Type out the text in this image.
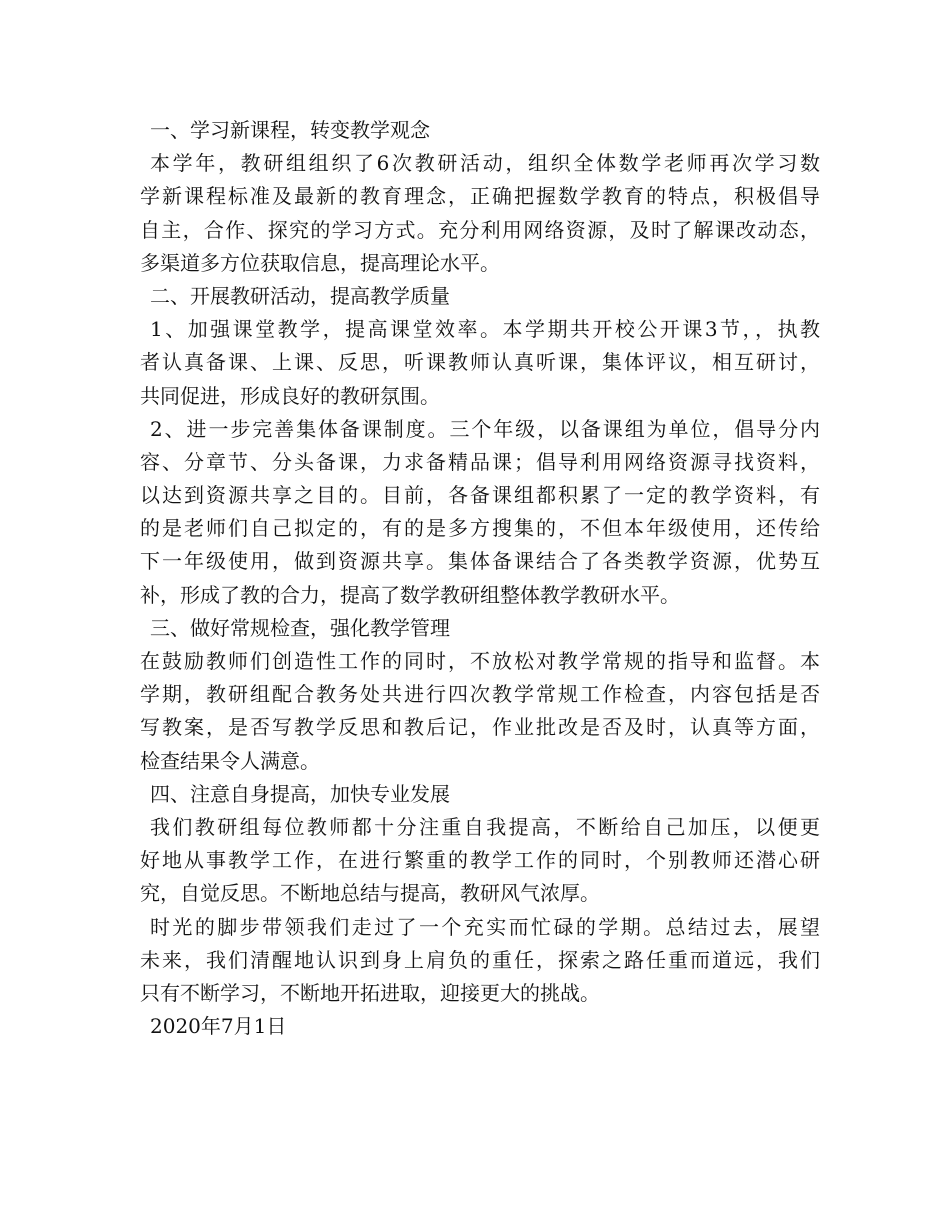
一、学习新课程，转变教学观念
本学年，教研组组织了6次教研活动，组织全体数学老师再次学习数
学新课程标准及最新的教育理念，正确把握数学教育的特点，积极倡导
自主，合作、探究的学习方式。充分利用网络资源，及时了解课改动态，
多渠道多方位获取信息，提高理论水平。
二、开展教研活动，提高教学质量
1、加强课堂教学，提高课堂效率。本学期共开校公开课3节，，执教
者认真备课、上课、反思，听课教师认真听课，集体评议，相互研讨，
共同促进，形成良好的教研氛围。
2、进一步完善集体备课制度。三个年级，以备课组为单位，倡导分内
容、分章节、分头备课，力求备精品课；倡导利用网络资源寻找资料，
以达到资源共享之目的。目前，各备课组都积累了一定的教学资料，有
的是老师们自己拟定的，有的是多方搜集的，不但本年级使用，还传给
下一年级使用，做到资源共享。集体备课结合了各类教学资源，优势互
补，形成了教的合力，提高了数学教研组整体教学教研水平。
三、做好常规检查，强化教学管理
在鼓励教师们创造性工作的同时，不放松对教学常规的指导和监督。本
学期，教研组配合教务处共进行四次教学常规工作检查，内容包括是否
写教案，是否写教学反思和教后记，作业批改是否及时，认真等方面，
检查结果令人满意。
四、注意自身提高，加快专业发展
我们教研组每位教师都十分注重自我提高，不断给自己加压，以便更
好地从事教学工作，在进行繁重的教学工作的同时，个别教师还潜心研
究，自觉反思。不断地总结与提高，教研风气浓厚。
时光的脚步带领我们走过了一个充实而忙碌的学期。总结过去，展望
未来，我们清醒地认识到身上肩负的重任，探索之路任重而道远，我们
只有不断学习，不断地开拓进取，迎接更大的挑战。
2020年7月1日
